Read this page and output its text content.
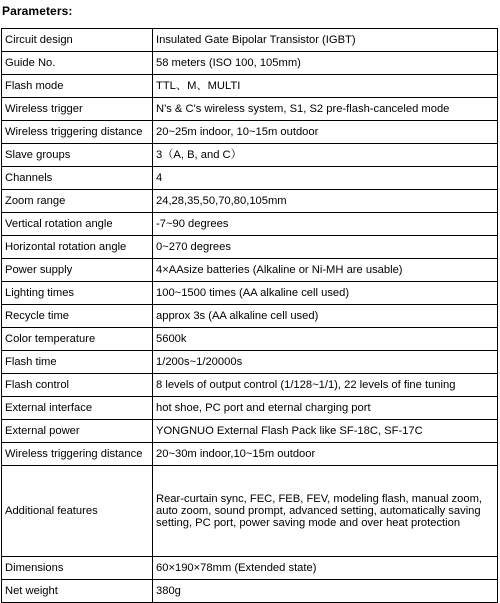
Parameters:
Circuit design	Insulated Gate Bipolar Transistor (IGBT)
Guide No.	58 meters (ISO 100, 105mm)
Flash mode	TTL、M、MULTI
Wireless trigger	N's & C's wireless system, S1, S2 pre-flash-canceled mode
Wireless triggering distance	20~25m indoor, 10~15m outdoor
Slave groups	3（A, B, and C）
Channels	4
Zoom range	24,28,35,50,70,80,105mm
Vertical rotation angle	-7~90 degrees
Horizontal rotation angle	0~270 degrees
Power supply	4×AAsize batteries (Alkaline or Ni-MH are usable)
Lighting times	100~1500 times (AA alkaline cell used)
Recycle time	approx 3s (AA alkaline cell used)
Color temperature	5600k
Flash time	1/200s~1/20000s
Flash control	8 levels of output control (1/128~1/1), 22 levels of fine tuning
External interface	hot shoe, PC port and eternal charging port
External power	YONGNUO External Flash Pack like SF-18C, SF-17C
Wireless triggering distance	20~30m indoor,10~15m outdoor
Additional features	Rear-curtain sync, FEC, FEB, FEV, modeling flash, manual zoom, auto zoom, sound prompt, advanced setting, automatically saving setting, PC port, power saving mode and over heat protection
Dimensions	60×190×78mm (Extended state)
Net weight	380g
